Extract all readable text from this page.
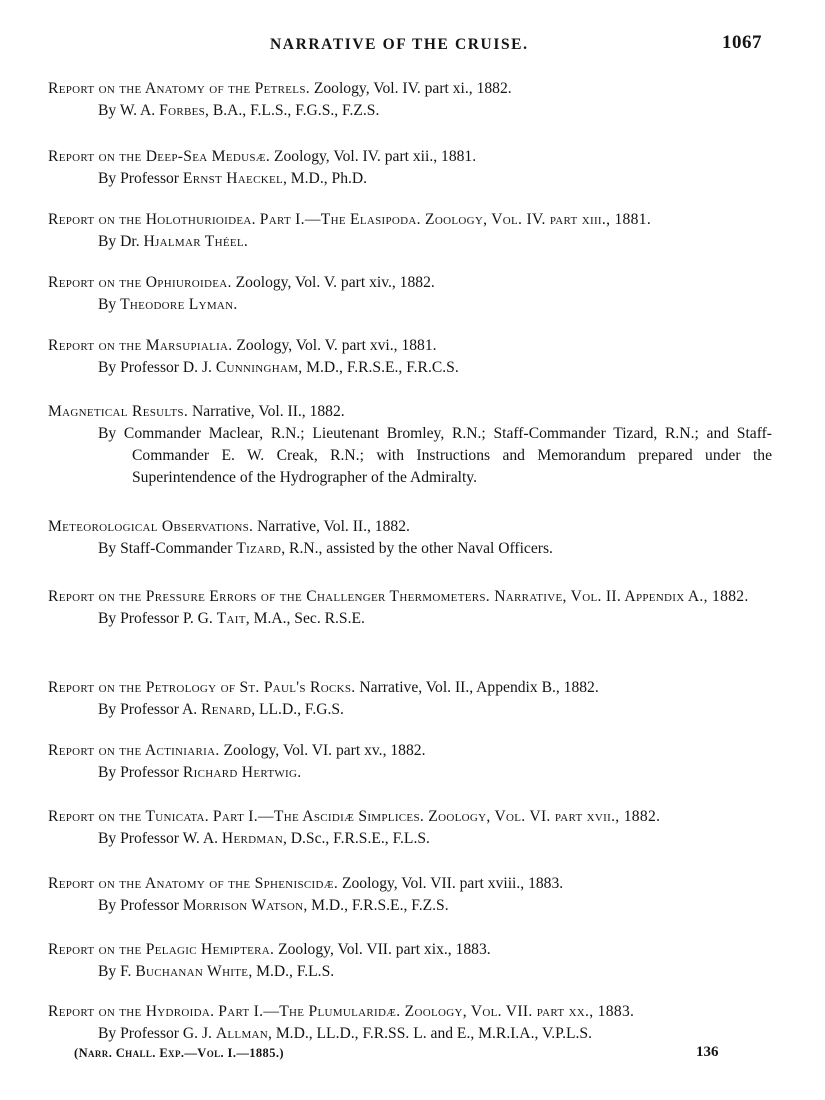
NARRATIVE OF THE CRUISE.	1067
Report on the Anatomy of the Petrels. Zoology, Vol. IV. part xi., 1882.
By W. A. Forbes, B.A., F.L.S., F.G.S., F.Z.S.
Report on the Deep-Sea Medusæ. Zoology, Vol. IV. part xii., 1881.
By Professor Ernst Haeckel, M.D., Ph.D.
Report on the Holothurioidea. Part I.—The Elasipoda. Zoology, Vol. IV. part xiii., 1881.
By Dr. Hjalmar Théel.
Report on the Ophiuroidea. Zoology, Vol. V. part xiv., 1882.
By Theodore Lyman.
Report on the Marsupialia. Zoology, Vol. V. part xvi., 1881.
By Professor D. J. Cunningham, M.D., F.R.S.E., F.R.C.S.
Magnetical Results. Narrative, Vol. II., 1882.
By Commander Maclear, R.N.; Lieutenant Bromley, R.N.; Staff-Commander Tizard, R.N.; and Staff-Commander E. W. Creak, R.N.; with Instructions and Memorandum prepared under the Superintendence of the Hydrographer of the Admiralty.
Meteorological Observations. Narrative, Vol. II., 1882.
By Staff-Commander Tizard, R.N., assisted by the other Naval Officers.
Report on the Pressure Errors of the Challenger Thermometers. Narrative, Vol. II. Appendix A., 1882.
By Professor P. G. Tait, M.A., Sec. R.S.E.
Report on the Petrology of St. Paul's Rocks. Narrative, Vol. II., Appendix B., 1882.
By Professor A. Renard, LL.D., F.G.S.
Report on the Actiniaria. Zoology, Vol. VI. part xv., 1882.
By Professor Richard Hertwig.
Report on the Tunicata. Part I.—The Ascidiæ Simplices. Zoology, Vol. VI. part xvii., 1882.
By Professor W. A. Herdman, D.Sc., F.R.S.E., F.L.S.
Report on the Anatomy of the Spheniscidæ. Zoology, Vol. VII. part xviii., 1883.
By Professor Morrison Watson, M.D., F.R.S.E., F.Z.S.
Report on the Pelagic Hemiptera. Zoology, Vol. VII. part xix., 1883.
By F. Buchanan White, M.D., F.L.S.
Report on the Hydroida. Part I.—The Plumularidæ. Zoology, Vol. VII. part xx., 1883.
By Professor G. J. Allman, M.D., LL.D., F.R.SS. L. and E., M.R.I.A., V.P.L.S.
(Narr. Chall. Exp.—Vol. I.—1885.)	136
